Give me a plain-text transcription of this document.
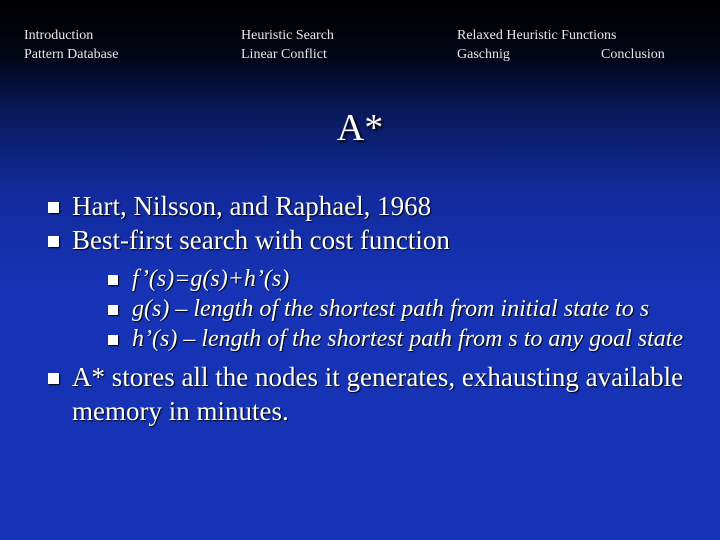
Introduction
Pattern Database
Heuristic Search
Linear Conflict
Relaxed Heuristic Functions
Gaschnig	Conclusion
A*
Hart, Nilsson, and Raphael, 1968
Best-first search with cost function
f’(s)=g(s)+h’(s)
g(s) – length of the shortest path from initial state to s
h’(s) – length of the shortest path from s to any goal state
A* stores all the nodes it generates, exhausting available memory in minutes.
